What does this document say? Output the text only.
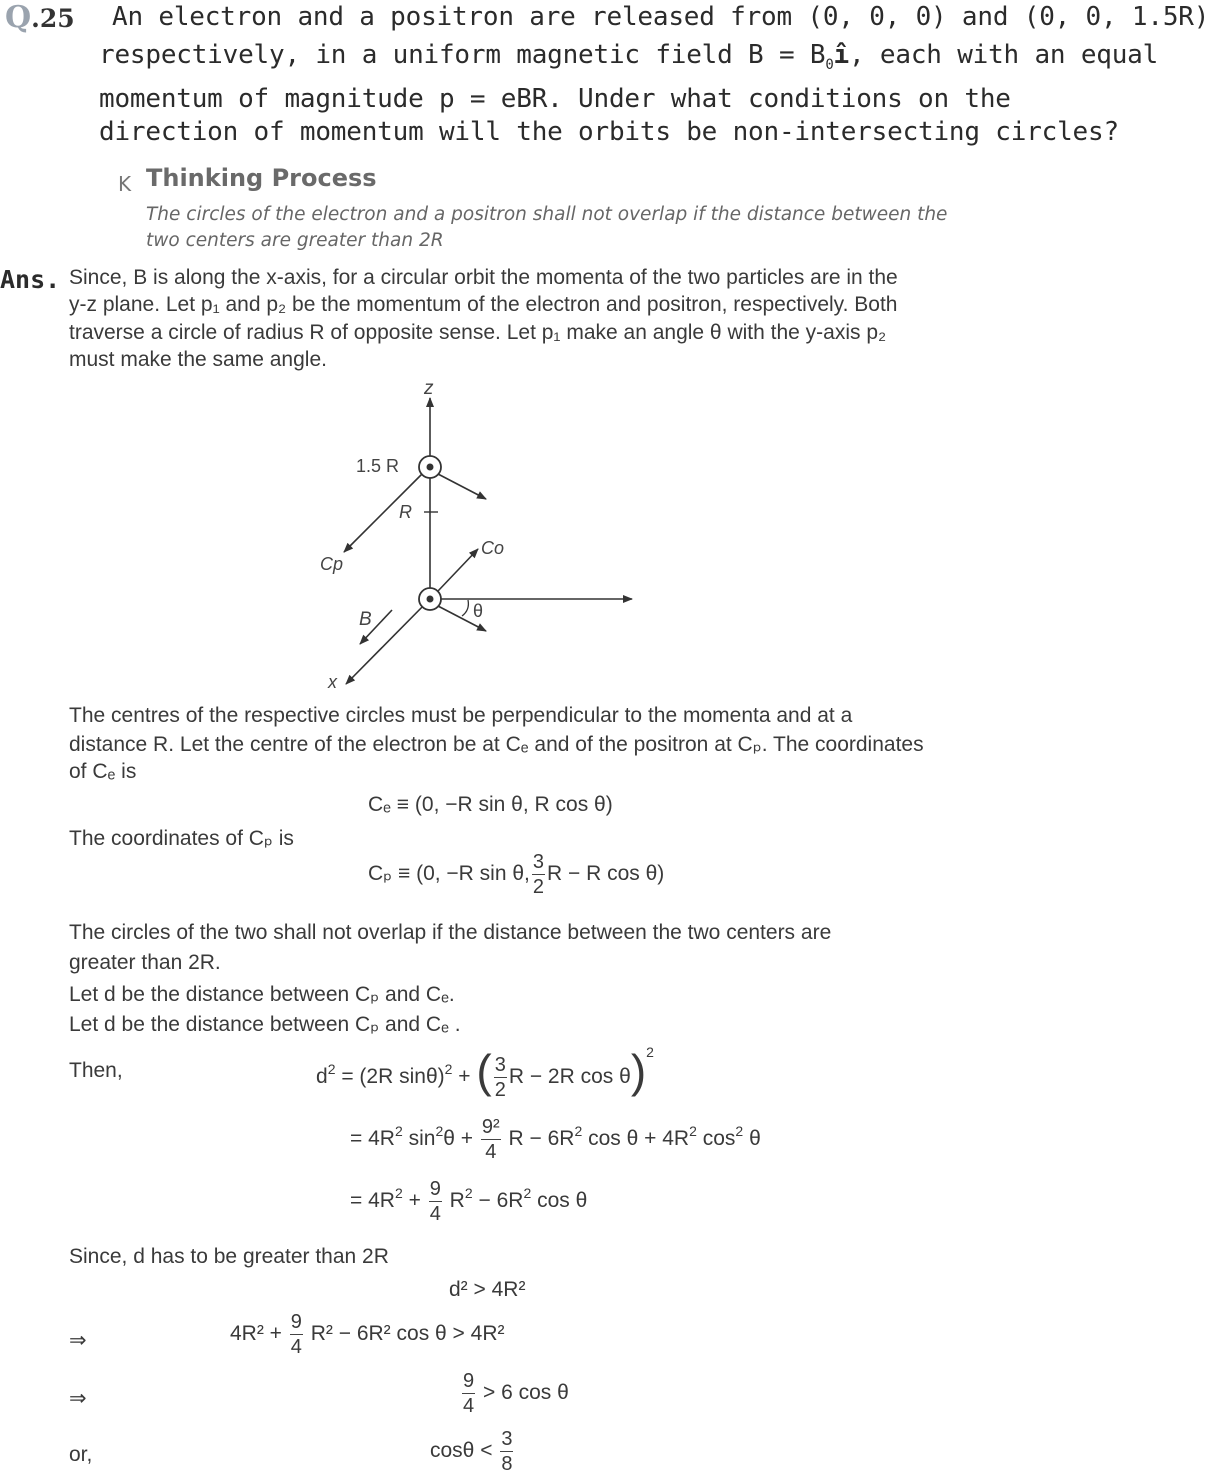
Q.25 An electron and a positron are released from (0, 0, 0) and (0, 0, 1.5R)
respectively, in a uniform magnetic field $B = B_0î$, each with an equal
momentum of magnitude p = eBR. Under what conditions on the
direction of momentum will the orbits be non-intersecting circles?
K Thinking Process
The circles of the electron and a positron shall not overlap if the distance between the
two centers are greater than 2R
Ans. Since, B is along the x-axis, for a circular orbit the momenta of the two particles are in the
y-z plane. Let p₁ and p₂ be the momentum of the electron and positron, respectively. Both
traverse a circle of radius R of opposite sense. Let p₁ make an angle θ with the y-axis p₂
must make the same angle.
z
1.5 R
R
Cp
Co
B
x
θ
The centres of the respective circles must be perpendicular to the momenta and at a
distance R. Let the centre of the electron be at Cₑ and of the positron at Cₚ. The coordinates
of Cₑ is
Cₑ ≡ (0, −R sin θ, R cos θ)
The coordinates of Cₚ is
Cₚ ≡ (0, −R sin θ, $\frac{3}{2}$ R − R cos θ)
The circles of the two shall not overlap if the distance between the two centers are
greater than 2R.
Let d be the distance between Cₚ and Cₑ.
Let d be the distance between Cₚ and Cₑ .
Then,	$d^2 = (2R$ sinθ)$^2$ + ( $\frac{3}{2}$ R − 2R cos θ)$^2$
= $4R^2$ $\sin^2\theta + \frac{\text{9²}}{4}$ $R - 6R^2$ $\cos \theta + 4R^2$ $\cos^2 \theta$
= $4R^2 + \frac{9}{4} R^2 - 6R^2$ cos θ
Since, d has to be greater than 2R
d² > 4R²
⇒	$4R^2 + \frac{9}{4} R^2 - 6R^2$ cos θ > 4R²
⇒	$\frac{9}{4} > 6$ cos θ
or,	$\cos\theta < \frac{3}{8}$
